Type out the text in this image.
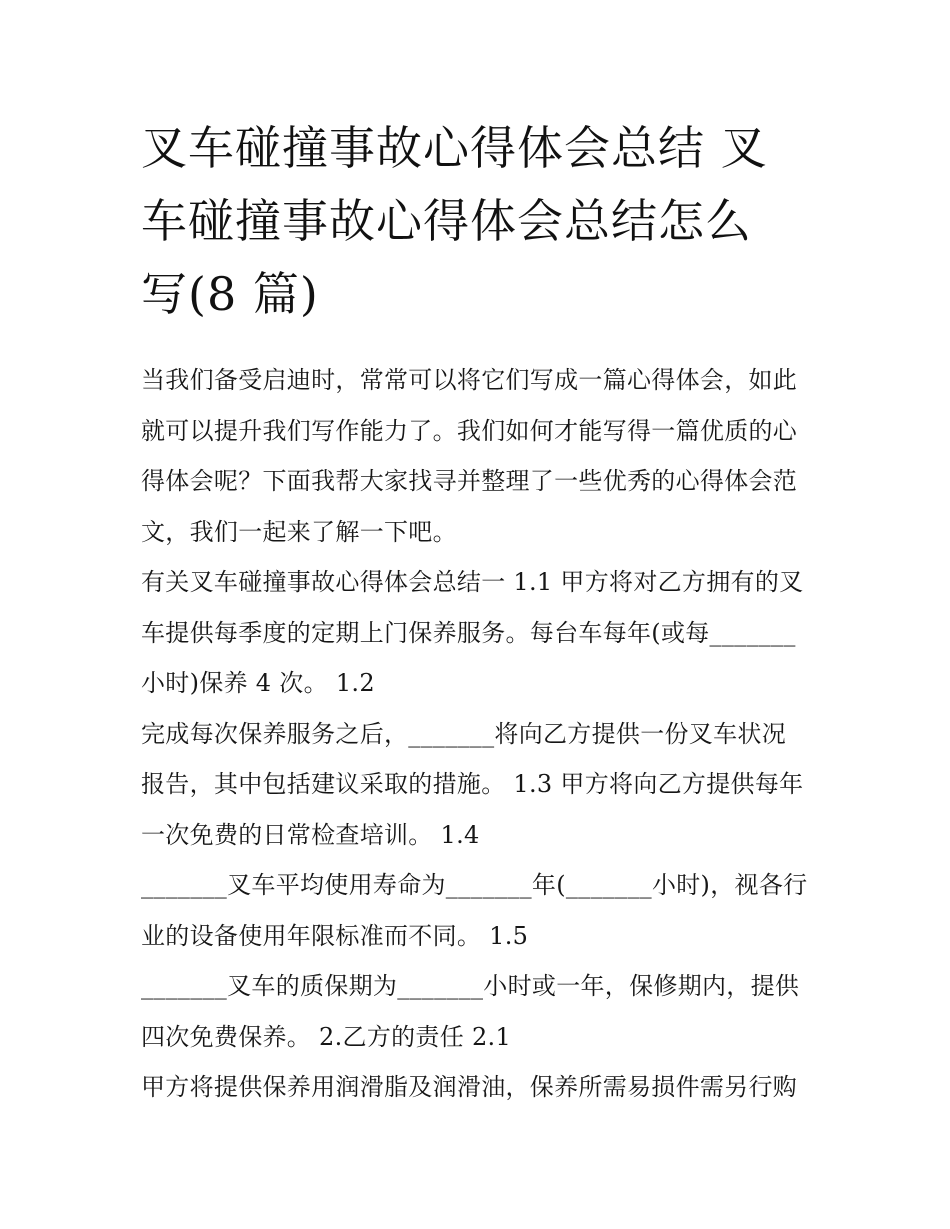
叉车碰撞事故心得体会总结 叉
车碰撞事故心得体会总结怎么
写(8 篇)

当我们备受启迪时，常常可以将它们写成一篇心得体会，如此
就可以提升我们写作能力了。我们如何才能写得一篇优质的心
得体会呢？下面我帮大家找寻并整理了一些优秀的心得体会范
文，我们一起来了解一下吧。

有关叉车碰撞事故心得体会总结一 1.1 甲方将对乙方拥有的叉
车提供每季度的定期上门保养服务。每台车每年(或每_______
小时)保养 4 次。 1.2

完成每次保养服务之后，_______将向乙方提供一份叉车状况
报告，其中包括建议采取的措施。 1.3 甲方将向乙方提供每年
一次免费的日常检查培训。 1.4

_______叉车平均使用寿命为_______年(_______小时)，视各行
业的设备使用年限标准而不同。 1.5

_______叉车的质保期为_______小时或一年，保修期内，提供
四次免费保养。 2.乙方的责任 2.1

甲方将提供保养用润滑脂及润滑油，保养所需易损件需另行购
